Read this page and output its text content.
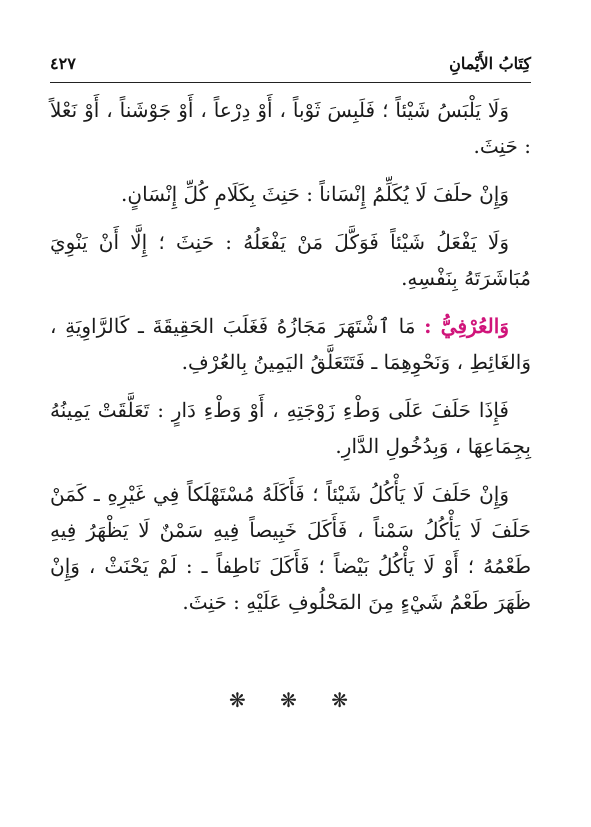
كِتَابُ الأَيْمانِ
٤٢٧

وَلَا يَلْبَسُ شَيْئاً ؛ فَلَبِسَ ثَوْباً ، أَوْ دِرْعاً ، أَوْ جَوْشَناً ، أَوْ نَعْلاً : حَنِثَ.

وَإِنْ حلَفَ لَا يُكَلِّمُ إِنْسَاناً : حَنِثَ بِكَلَامِ كُلِّ إِنْسَانٍ.

وَلَا يَفْعَلُ شَيْئاً فَوَكَّلَ مَنْ يَفْعَلُهُ : حَنِثَ ؛ إِلَّا أَنْ يَنْوِيَ مُبَاشَرَتَهُ بِنَفْسِهِ.

وَالعُرْفِيُّ : مَا ٱشْتَهَرَ مَجَازُهُ فَغَلَبَ الحَقِيقَةَ ـ كَالرَّاوِيَةِ ، وَالغَائِطِ ، وَنَحْوِهِمَا ـ فَتَتَعَلَّقُ اليَمِينُ بِالعُرْفِ.

فَإِذَا حَلَفَ عَلَى وَطْءِ زَوْجَتِهِ ، أَوْ وَطْءِ دَارٍ : تَعَلَّقَتْ يَمِينُهُ بِجِمَاعِهَا ، وَبِدُخُولِ الدَّارِ.

وَإِنْ حَلَفَ لَا يَأْكُلُ شَيْئاً ؛ فَأَكَلَهُ مُسْتَهْلَكاً فِي غَيْرِهِ ـ كَمَنْ حَلَفَ لَا يَأْكُلُ سَمْناً ، فَأَكَلَ خَبِيصاً فِيهِ سَمْنٌ لَا يَظْهَرُ فِيهِ طَعْمُهُ ؛ أَوْ لَا يَأْكُلُ بَيْضاً ؛ فَأَكَلَ نَاطِفاً ـ : لَمْ يَحْنَثْ ، وَإِنْ ظَهَرَ طَعْمُ شَيْءٍ مِنَ المَحْلُوفِ عَلَيْهِ : حَنِثَ.

❋ ❋ ❋
